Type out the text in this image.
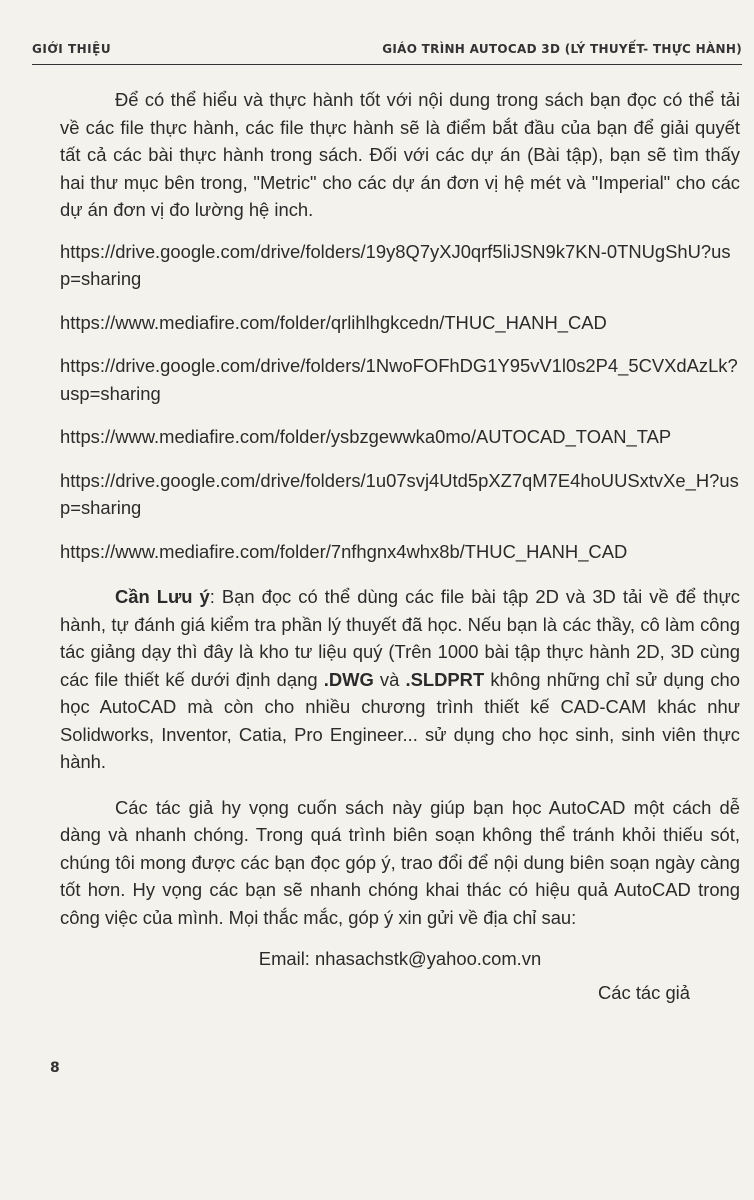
GIỚI THIỆU	GIÁO TRÌNH AUTOCAD 3D (LÝ THUYẾT- THỰC HÀNH)

Để có thể hiểu và thực hành tốt với nội dung trong sách bạn đọc có thể tải về các file thực hành, các file thực hành sẽ là điểm bắt đầu của bạn để giải quyết tất cả các bài thực hành trong sách. Đối với các dự án (Bài tập), bạn sẽ tìm thấy hai thư mục bên trong, "Metric" cho các dự án đơn vị hệ mét và "Imperial" cho các dự án đơn vị đo lường hệ inch.

https://drive.google.com/drive/folders/19y8Q7yXJ0qrf5liJSN9k7KN-0TNUgShU?usp=sharing

https://www.mediafire.com/folder/qrlihlhgkcedn/THUC_HANH_CAD

https://drive.google.com/drive/folders/1NwoFOFhDG1Y95vV1l0s2P4_5CVXdAzLk?usp=sharing

https://www.mediafire.com/folder/ysbzgewwka0mo/AUTOCAD_TOAN_TAP

https://drive.google.com/drive/folders/1u07svj4Utd5pXZ7qM7E4hoUUSxtvXe_H?usp=sharing

https://www.mediafire.com/folder/7nfhgnx4whx8b/THUC_HANH_CAD

Cần Lưu ý: Bạn đọc có thể dùng các file bài tập 2D và 3D tải về để thực hành, tự đánh giá kiểm tra phần lý thuyết đã học. Nếu bạn là các thầy, cô làm công tác giảng dạy thì đây là kho tư liệu quý (Trên 1000 bài tập thực hành 2D, 3D cùng các file thiết kế dưới định dạng .DWG và .SLDPRT không những chỉ sử dụng cho học AutoCAD mà còn cho nhiều chương trình thiết kế CAD-CAM khác như Solidworks, Inventor, Catia, Pro Engineer... sử dụng cho học sinh, sinh viên thực hành.

Các tác giả hy vọng cuốn sách này giúp bạn học AutoCAD một cách dễ dàng và nhanh chóng. Trong quá trình biên soạn không thể tránh khỏi thiếu sót, chúng tôi mong được các bạn đọc góp ý, trao đổi để nội dung biên soạn ngày càng tốt hơn. Hy vọng các bạn sẽ nhanh chóng khai thác có hiệu quả AutoCAD trong công việc của mình. Mọi thắc mắc, góp ý xin gửi về địa chỉ sau:

Email: nhasachstk@yahoo.com.vn

Các tác giả

8
